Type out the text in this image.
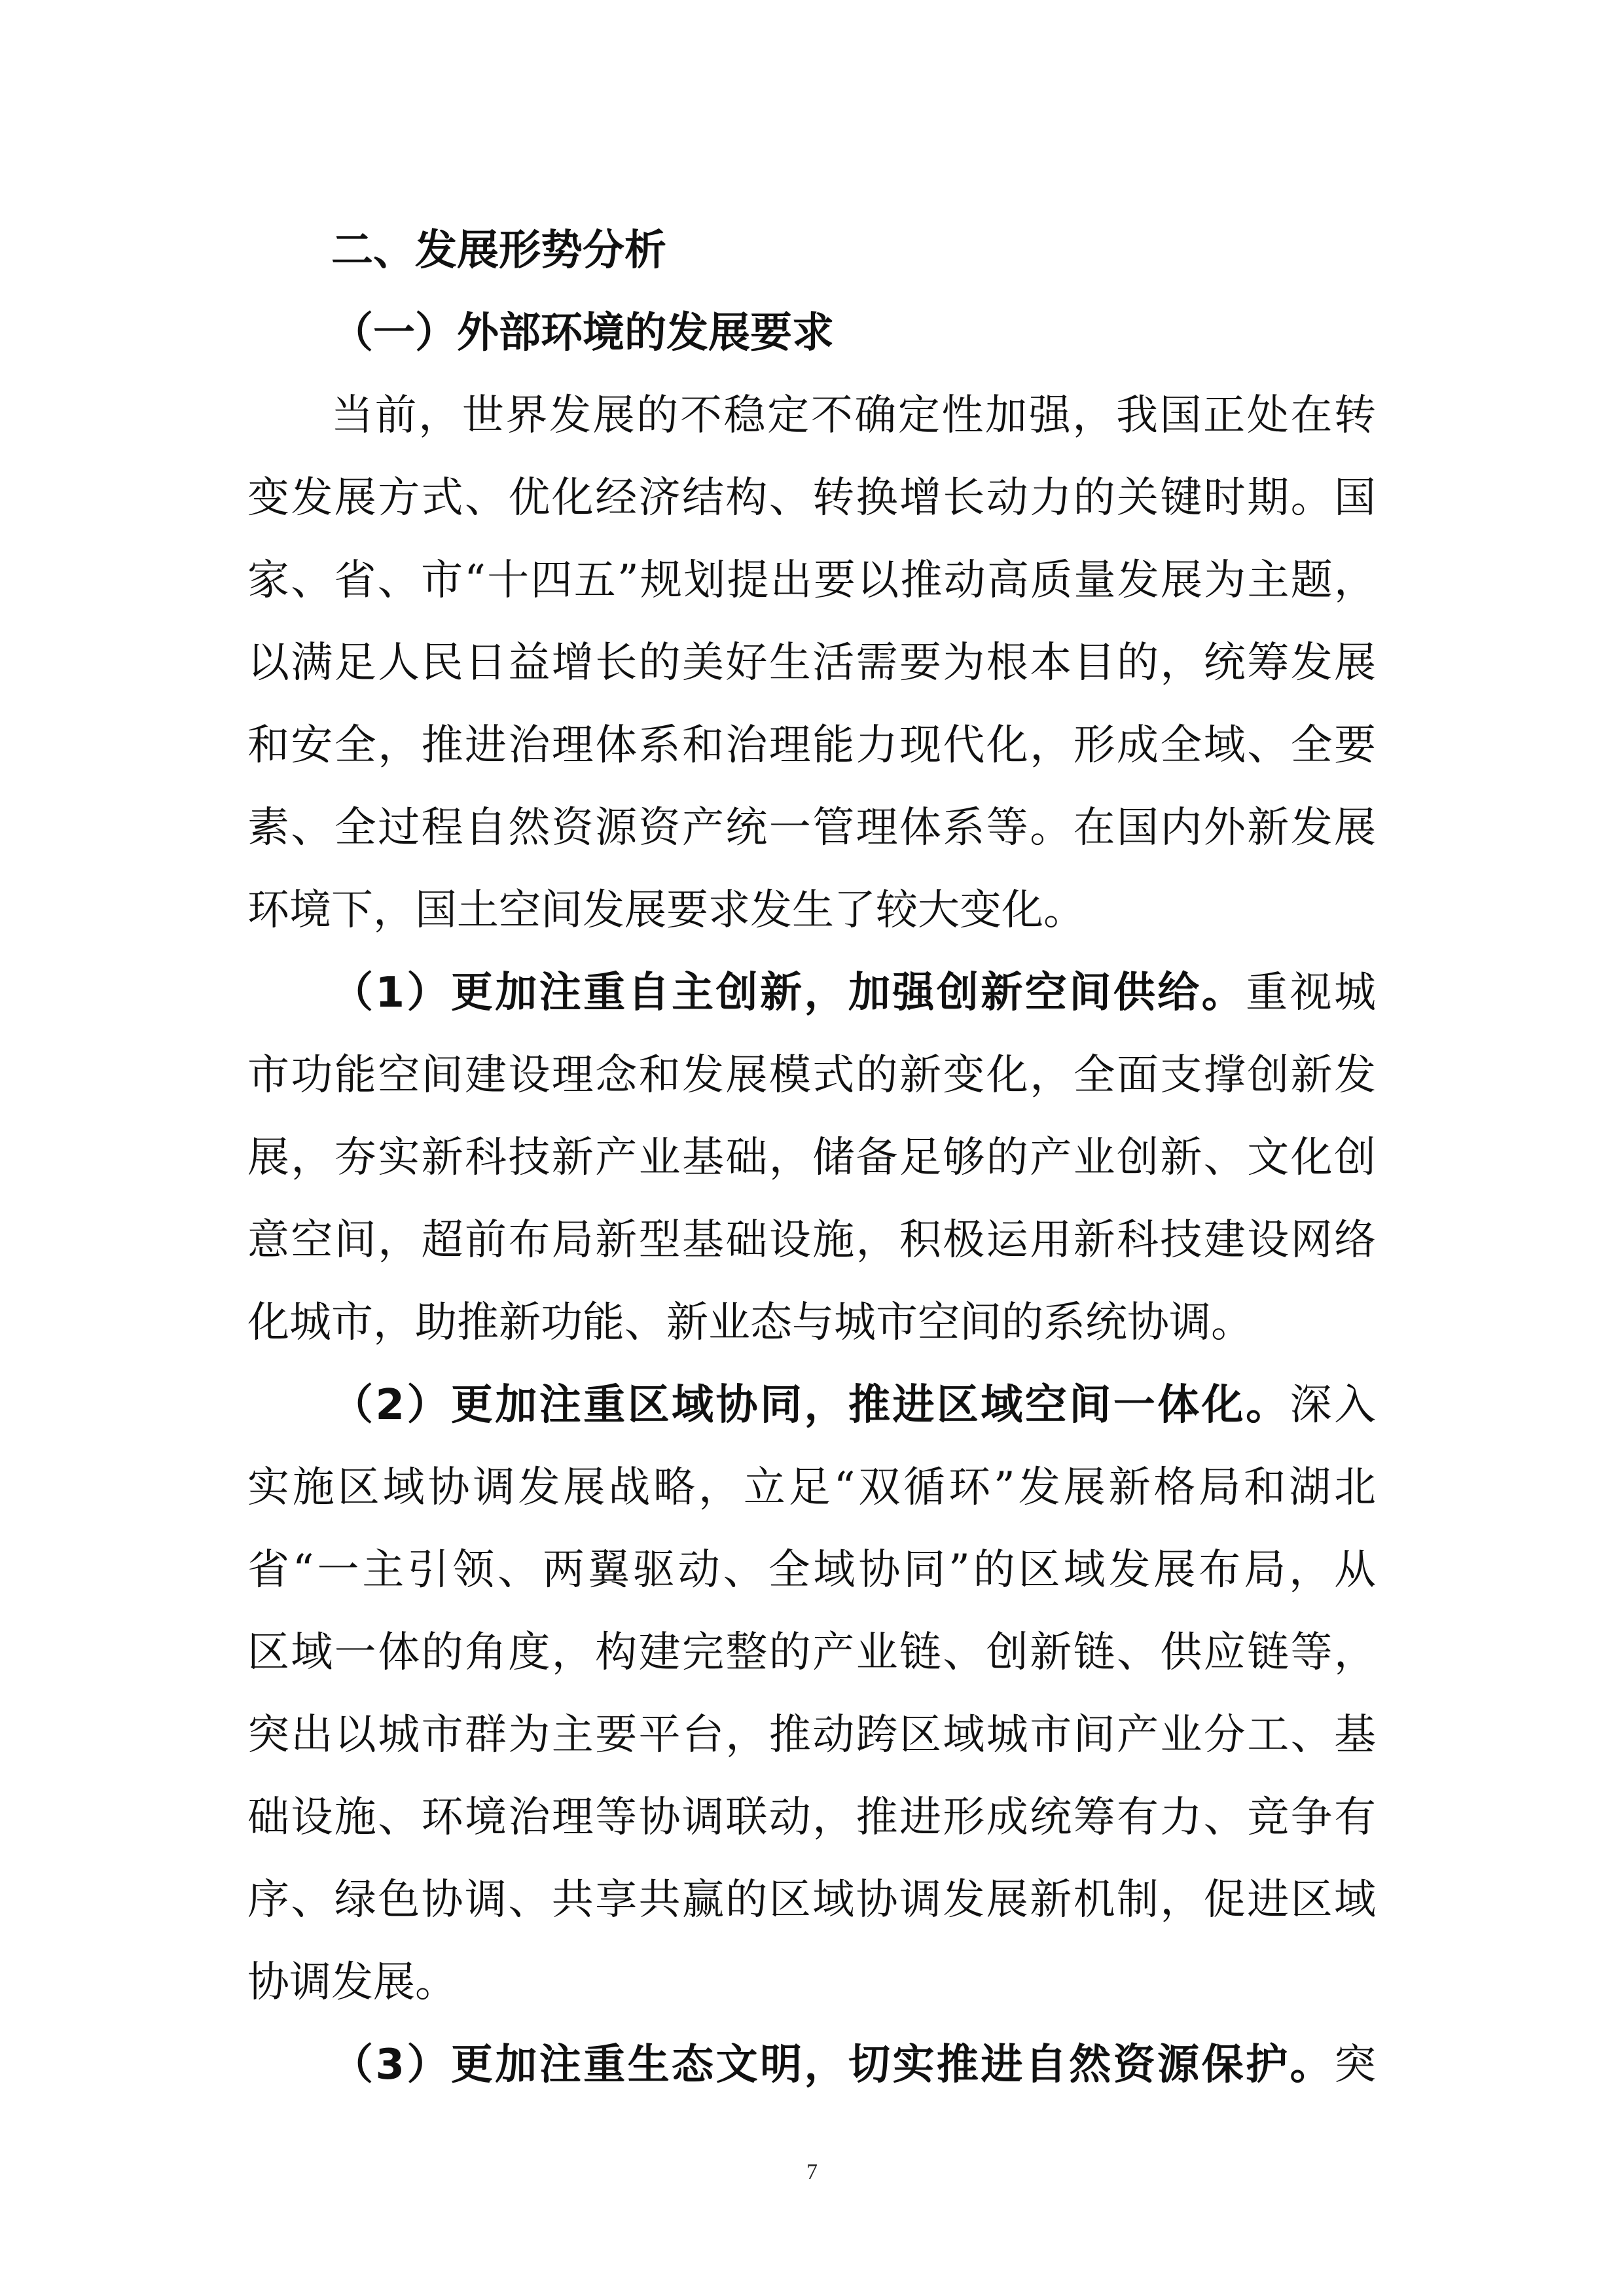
二、发展形势分析
（一）外部环境的发展要求
当前，世界发展的不稳定不确定性加强，我国正处在转
变发展方式、优化经济结构、转换增长动力的关键时期。国
家、省、市“十四五”规划提出要以推动高质量发展为主题，
以满足人民日益增长的美好生活需要为根本目的，统筹发展
和安全，推进治理体系和治理能力现代化，形成全域、全要
素、全过程自然资源资产统一管理体系等。在国内外新发展
环境下，国土空间发展要求发生了较大变化。
（1）更加注重自主创新，加强创新空间供给。重视城
市功能空间建设理念和发展模式的新变化，全面支撑创新发
展，夯实新科技新产业基础，储备足够的产业创新、文化创
意空间，超前布局新型基础设施，积极运用新科技建设网络
化城市，助推新功能、新业态与城市空间的系统协调。
（2）更加注重区域协同，推进区域空间一体化。深入
实施区域协调发展战略，立足“双循环”发展新格局和湖北
省“一主引领、两翼驱动、全域协同”的区域发展布局，从
区域一体的角度，构建完整的产业链、创新链、供应链等，
突出以城市群为主要平台，推动跨区域城市间产业分工、基
础设施、环境治理等协调联动，推进形成统筹有力、竞争有
序、绿色协调、共享共赢的区域协调发展新机制，促进区域
协调发展。
（3）更加注重生态文明，切实推进自然资源保护。突
7
